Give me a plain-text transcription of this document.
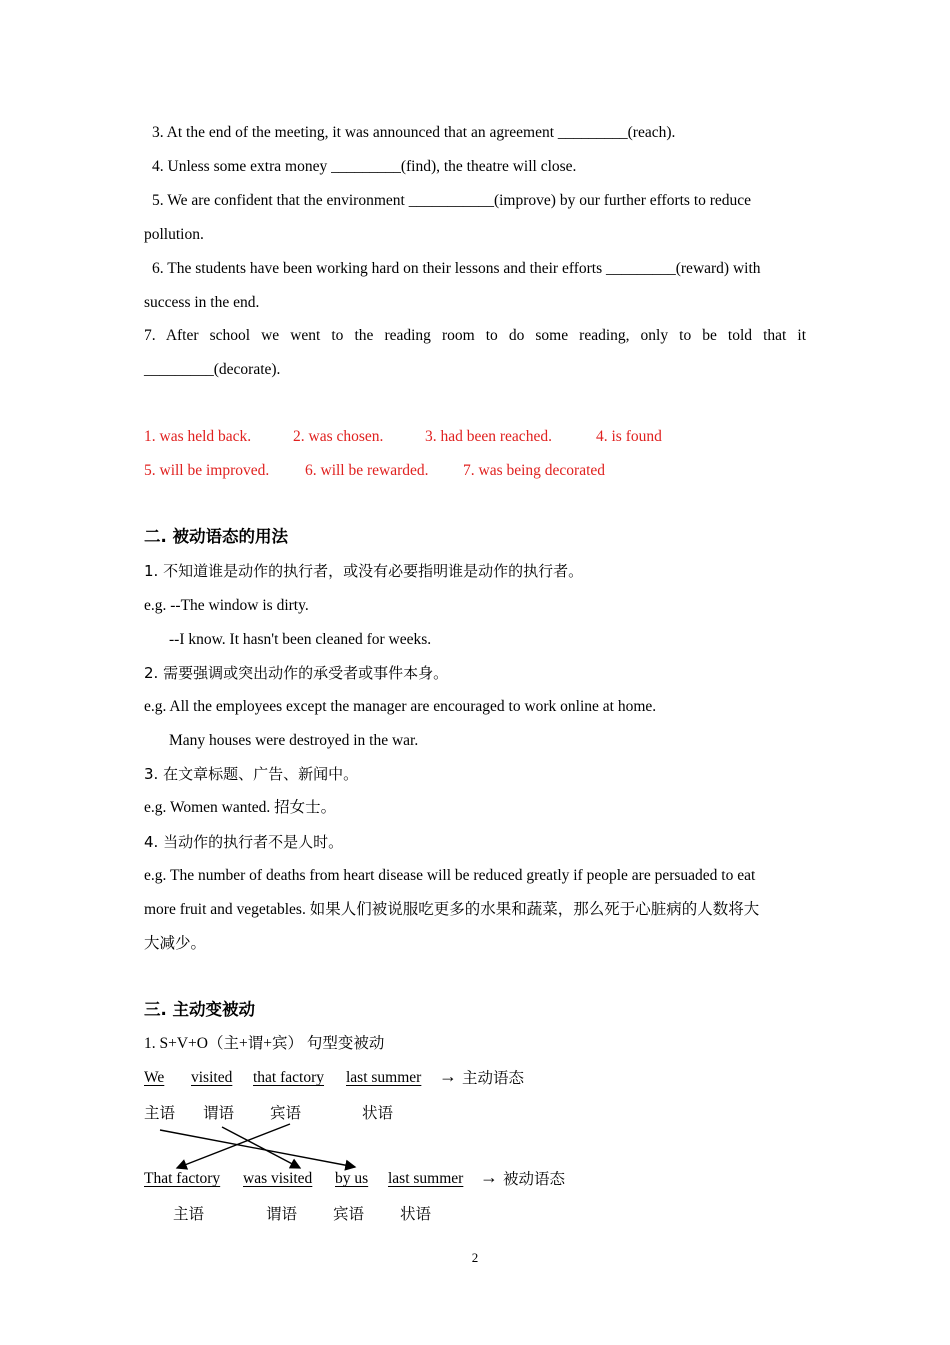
3. At the end of the meeting, it was announced that an agreement _________(reach).
4. Unless some extra money _________(find), the theatre will close.
5. We are confident that the environment ___________(improve) by our further efforts to reduce
pollution.
6. The students have been working hard on their lessons and their efforts _________(reward) with
success in the end.
7. After school we went to the reading room to do some reading, only to be told that it
_________(decorate).
1. was held back.	2. was chosen.	3. had been reached.	4. is found
5. will be improved. 6. will be rewarded. 7. was being decorated
二. 被动语态的用法
1. 不知道谁是动作的执行者，或没有必要指明谁是动作的执行者。
e.g. --The window is dirty.
--I know. It hasn't been cleaned for weeks.
2. 需要强调或突出动作的承受者或事件本身。
e.g. All the employees except the manager are encouraged to work online at home.
Many houses were destroyed in the war.
3. 在文章标题、广告、新闻中。
e.g. Women wanted. 招女士。
4. 当动作的执行者不是人时。
e.g. The number of deaths from heart disease will be reduced greatly if people are persuaded to eat
more fruit and vegetables. 如果人们被说服吃更多的水果和蔬菜，那么死于心脏病的人数将大
大减少。
三. 主动变被动
1. S+V+O（主+谓+宾） 句型变被动
We visited that factory last summer → 主动语态
主语 谓语 宾语	状语
That factory was visited by us last summer → 被动语态
主语	谓语 宾语 状语
2
